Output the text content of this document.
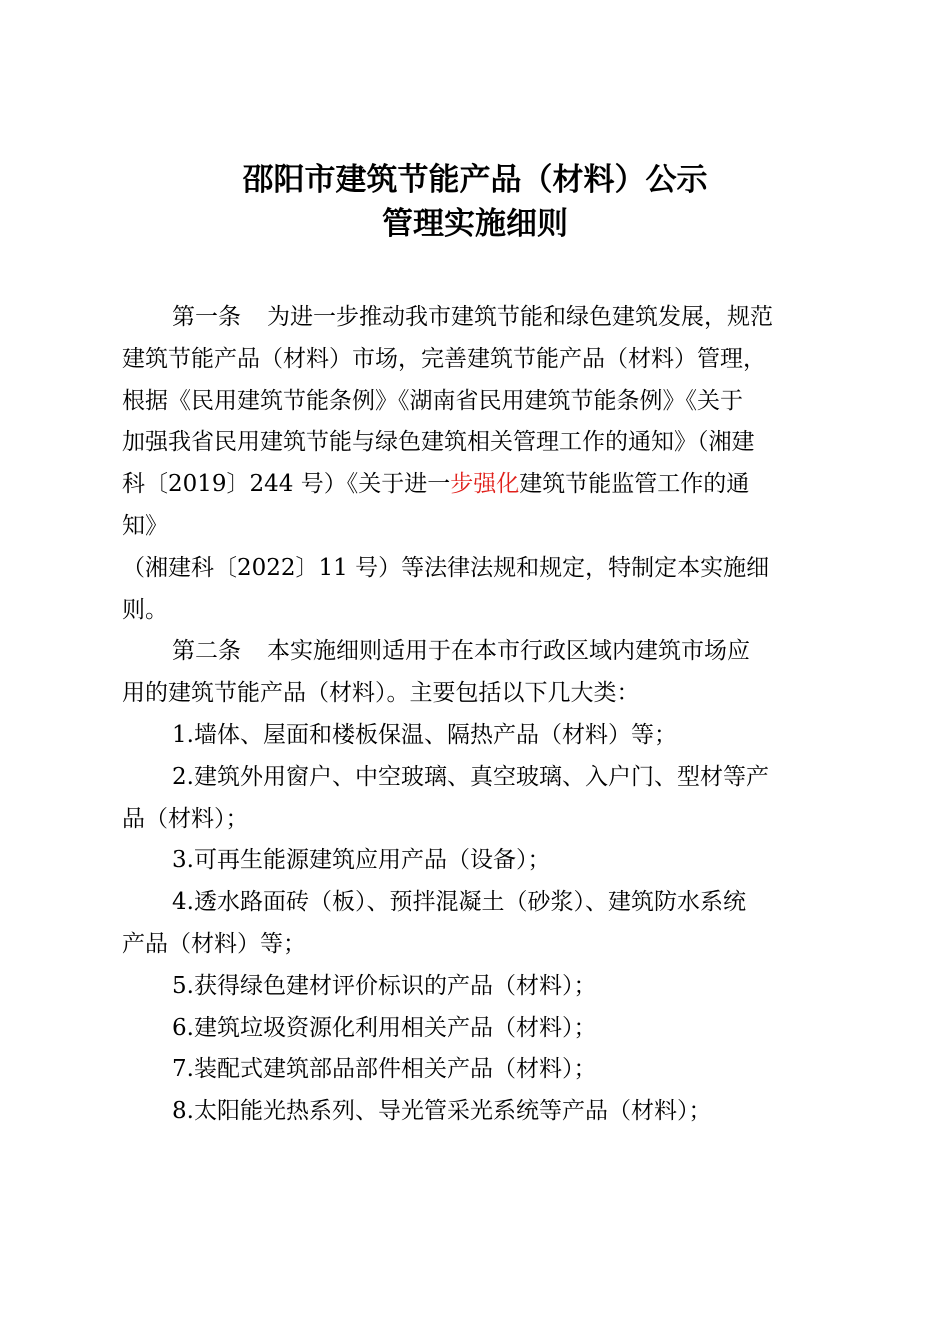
邵阳市建筑节能产品（材料）公示
管理实施细则
第一条 为进一步推动我市建筑节能和绿色建筑发展，规范
建筑节能产品（材料）市场，完善建筑节能产品（材料）管理，
根据《民用建筑节能条例》《湖南省民用建筑节能条例》《关于
加强我省民用建筑节能与绿色建筑相关管理工作的通知》（湘建
科〔2019〕244 号）《关于进一步强化建筑节能监管工作的通
知》
（湘建科〔2022〕11 号）等法律法规和规定，特制定本实施细
则。
第二条 本实施细则适用于在本市行政区域内建筑市场应
用的建筑节能产品（材料）。主要包括以下几大类：
1.墙体、屋面和楼板保温、隔热产品（材料）等；
2.建筑外用窗户、中空玻璃、真空玻璃、入户门、型材等产
品（材料）；
3.可再生能源建筑应用产品（设备）；
4.透水路面砖（板）、预拌混凝土（砂浆）、建筑防水系统
产品（材料）等；
5.获得绿色建材评价标识的产品（材料）；
6.建筑垃圾资源化利用相关产品（材料）；
7.装配式建筑部品部件相关产品（材料）；
8.太阳能光热系列、导光管采光系统等产品（材料）；
